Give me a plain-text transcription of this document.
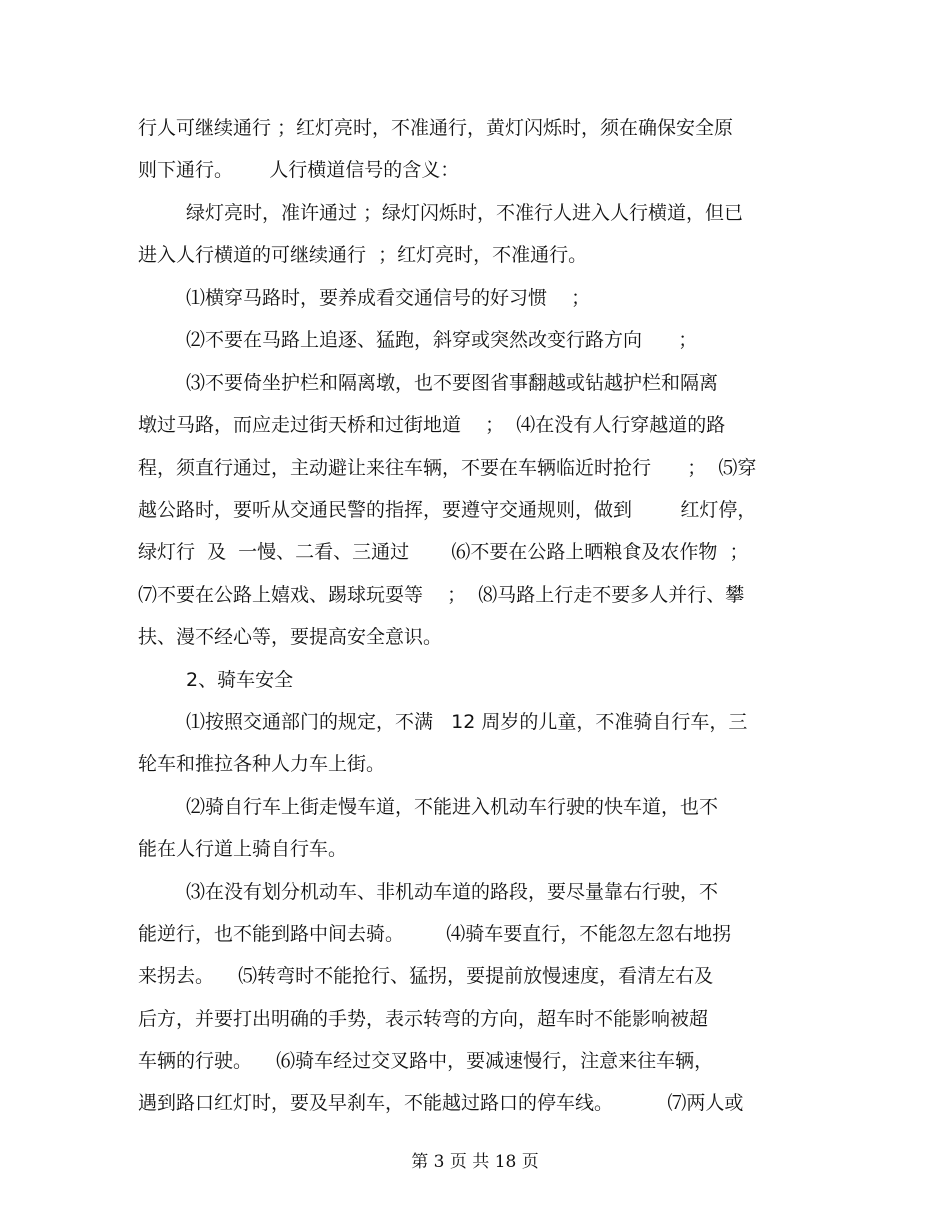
行人可继续通行 ；红灯亮时，不准通行，黄灯闪烁时，须在确保安全原
则下通行。      人行横道信号的含义：
绿灯亮时，准许通过 ；绿灯闪烁时，不准行人进入人行横道，但已
进入人行横道的可继续通行  ；红灯亮时，不准通行。
⑴横穿马路时，要养成看交通信号的好习惯    ；
⑵不要在马路上追逐、猛跑，斜穿或突然改变行路方向      ；
⑶不要倚坐护栏和隔离墩，也不要图省事翻越或钻越护栏和隔离
墩过马路，而应走过街天桥和过街地道    ；  ⑷在没有人行穿越道的路
程，须直行通过，主动避让来往车辆，不要在车辆临近时抢行      ；  ⑸穿
越公路时，要听从交通民警的指挥，要遵守交通规则，做到        红灯停，
绿灯行  及  一慢、二看、三通过       ⑹不要在公路上晒粮食及农作物  ；
⑺不要在公路上嬉戏、踢球玩耍等    ；  ⑻马路上行走不要多人并行、攀
扶、漫不经心等，要提高安全意识。
2、骑车安全
⑴按照交通部门的规定，不满   12 周岁的儿童，不准骑自行车，三
轮车和推拉各种人力车上街。
⑵骑自行车上街走慢车道，不能进入机动车行驶的快车道，也不
能在人行道上骑自行车。
⑶在没有划分机动车、非机动车道的路段，要尽量靠右行驶，不
能逆行，也不能到路中间去骑。       ⑷骑车要直行，不能忽左忽右地拐
来拐去。    ⑸转弯时不能抢行、猛拐，要提前放慢速度，看清左右及
后方，并要打出明确的手势，表示转弯的方向，超车时不能影响被超
车辆的行驶。    ⑹骑车经过交叉路中，要减速慢行，注意来往车辆，
遇到路口红灯时，要及早刹车，不能越过路口的停车线。         ⑺两人或
第 3 页 共 18 页
